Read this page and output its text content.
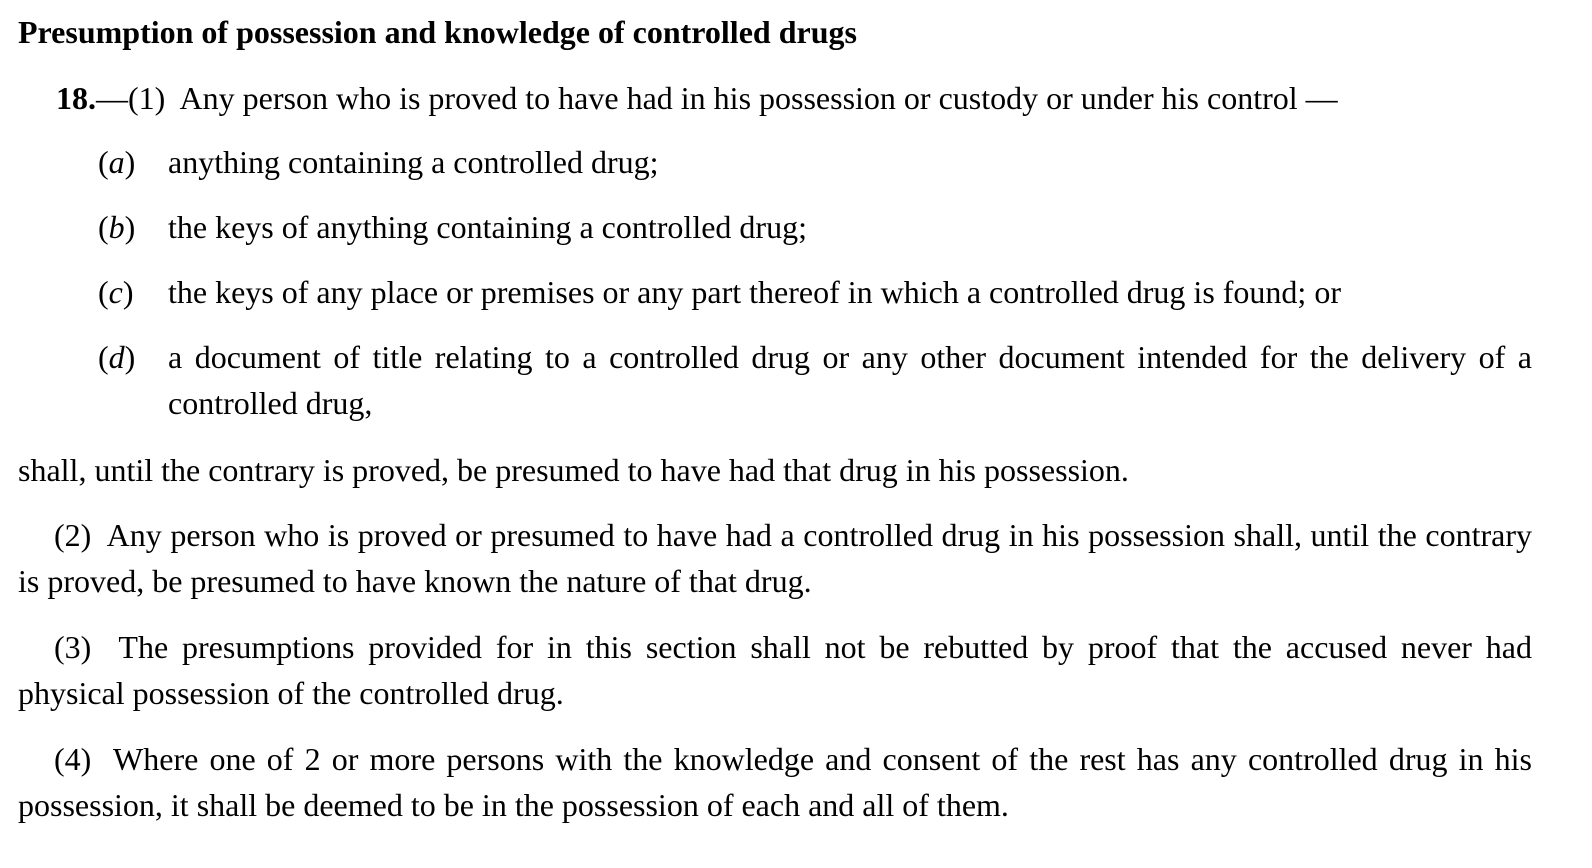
Presumption of possession and knowledge of controlled drugs
18.—(1) Any person who is proved to have had in his possession or custody or under his control —
(a) anything containing a controlled drug;
(b) the keys of anything containing a controlled drug;
(c) the keys of any place or premises or any part thereof in which a controlled drug is found; or
(d) a document of title relating to a controlled drug or any other document intended for the delivery of a controlled drug,
shall, until the contrary is proved, be presumed to have had that drug in his possession.
(2) Any person who is proved or presumed to have had a controlled drug in his possession shall, until the contrary is proved, be presumed to have known the nature of that drug.
(3) The presumptions provided for in this section shall not be rebutted by proof that the accused never had physical possession of the controlled drug.
(4) Where one of 2 or more persons with the knowledge and consent of the rest has any controlled drug in his possession, it shall be deemed to be in the possession of each and all of them.
